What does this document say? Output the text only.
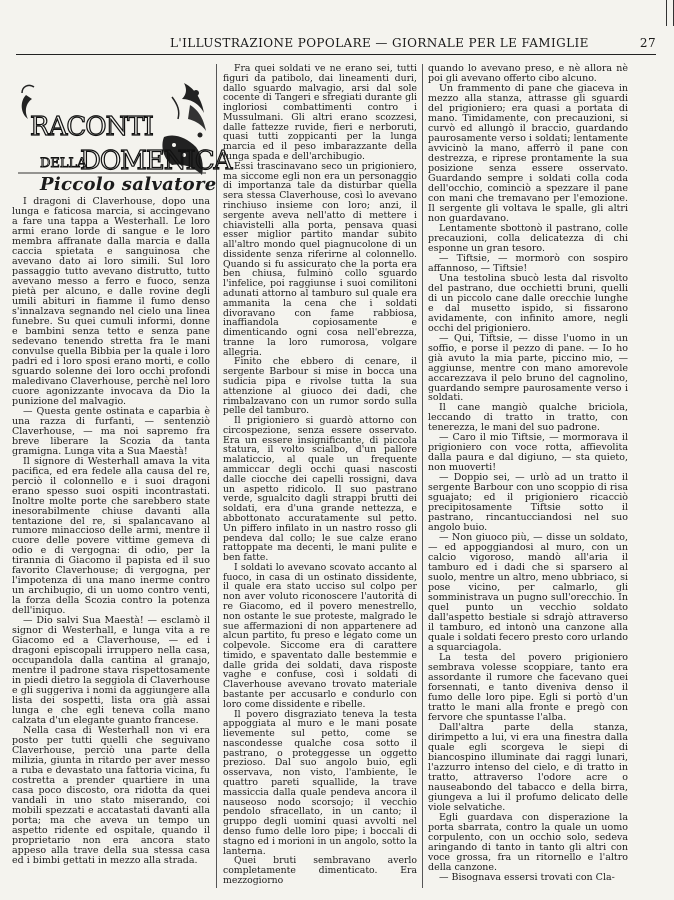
L'ILLUSTRAZIONE POPOLARE — GIORNALE PER LE FAMIGLIE	27
RACONTI
DELLA
DOMENICA
Piccolo salvatore

I dragoni di Claverhouse, dopo una lunga e faticosa marcia, si accingevano a fare una tappa a Westerhall. Le loro armi erano lorde di sangue e le loro membra affranate dalla marcia e dalla caccia spietata e sanguinosa che avevano dato ai loro simili. Sul loro passaggio tutto avevano distrutto, tutto avevano messo a ferro e fuoco, senza pietà per alcuno, e dalle rovine degli umili abituri in fiamme il fumo denso s'innalzava segnando nel cielo una linea funebre. Su quei cumuli informi, donne e bambini senza tetto e senza pane sedevano tenendo stretta fra le mani convulse quella Bibbia per la quale i loro padri ed i loro sposi erano morti, e collo sguardo solenne dei loro occhi profondi maledivano Claverhouse, perchè nel loro cuore agonizzante invocava da Dio la punizione del malvagio.

— Questa gente ostinata e caparbia è una razza di furfanti, — sentenziò Claverhouse, — ma noi sapremo fra breve liberare la Scozia da tanta gramigna. Lunga vita a Sua Maestà!

Il signore di Westerhall amava la vita pacifica, ed era fedele alla causa del re, perciò il colonnello e i suoi dragoni erano spesso suoi ospiti incontrastati. Inoltre molte porte che sarebbero state inesorabilmente chiuse davanti alla tentazione del re, si spalancavano al rumore minaccioso delle armi, mentre il cuore delle povere vittime gemeva di odio e di vergogna: di odio, per la tirannia di Giacomo il papista ed il suo favorito Claverhouse; di vergogna, per l'impotenza di una mano inerme contro un archibugio, di un uomo contro venti, la forza della Scozia contro la potenza dell'iniquo.

— Dio salvi Sua Maestà! — esclamò il signor di Westerhall, e lunga vita a re Giacomo ed a Claverhouse, — ed i dragoni episcopali irruppero nella casa, occupandola dalla cantina al granajo, mentre il padrone stava rispettosamente in piedi dietro la seggiola di Claverhouse e gli suggeriva i nomi da aggiungere alla lista dei sospetti, lista ora già assai lunga e che egli teneva colla mano calzata d'un elegante guanto francese.

Nella casa di Westerhall non vi era posto per tutti quelli che seguivano Claverhouse, perciò una parte della milizia, giunta in ritardo per aver messo a ruba e devastato una fattoria vicina, fu costretta a prender quartiere in una casa poco discosto, ora ridotta da quei vandali in uno stato miserando, coi mobili spezzati e accatastati davanti alla porta; ma che aveva un tempo un aspetto ridente ed ospitale, quando il proprietario non era ancora stato appeso alla trave della sua stessa casa ed i bimbi gettati in mezzo alla strada.

Fra quei soldati ve ne erano sei, tutti figuri da patibolo, dai lineamenti duri, dallo sguardo malvagio, arsi dal sole cocente di Tangeri e sfregiati durante gli ingloriosi combattimenti contro i Mussulmani. Gli altri erano scozzesi, dalle fattezze ruvide, fieri e nerboruti, quasi tutti zoppicanti per la lunga marcia ed il peso imbarazzante della lunga spada e dell'archibugio.

Essi trascinavano seco un prigioniero, ma siccome egli non era un personaggio di importanza tale da disturbar quella sera stessa Claverhouse, così lo avevano rinchiuso insieme con loro; anzi, il sergente aveva nell'atto di mettere i chiavistelli alla porta, pensava quasi esser miglior partito mandar subito all'altro mondo quel piagnucolone di un dissidente senza riferirne al colonnello. Quando si fu assicurato che la porta era ben chiusa, fulminò collo sguardo l'infelice, poi raggiunse i suoi comilitoni adunati attorno al tamburo sul quale era ammanita la cena che i soldati divoravano con fame rabbiosa, inaffiandola copiosamente e dimenticando ogni cosa nell'ebrezza, tranne la loro rumorosa, volgare allegria.

Finito che ebbero di cenare, il sergente Barbour si mise in bocca una sudicia pipa e rivolse tutta la sua attenzione al giuoco dei dadi, che rimbalzavano con un rumor sordo sulla pelle del tamburo.

Il prigioniero si guardò attorno con circospezione, senza essere osservato. Era un essere insignificante, di piccola statura, il volto scialbo, d'un pallore malaticcio, al quale un frequente ammiccar degli occhi quasi nascosti dalle ciocche dei capelli rossigni, dava un aspetto ridicolo. Il suo pastrano verde, sgualcito dagli strappi brutti dei soldati, era d'una grande nettezza, e abbottonato accuratamente sul petto. Un piffero infilato in un nastro rosso gli pendeva dal collo; le sue calze erano rattoppate ma decenti, le mani pulite e ben fatte.

I soldati lo avevano scovato accanto al fuoco, in casa di un ostinato dissidente, il quale era stato ucciso sul colpo per non aver voluto riconoscere l'autorità di re Giacomo, ed il povero menestrello, non ostante le sue proteste, malgrado le sue affermazioni di non appartenere ad alcun partito, fu preso e legato come un colpevole. Siccome era di carattere timido, e spaventato dalle bestemmie e dalle grida dei soldati, dava risposte vaghe e confuse, così i soldati di Claverhouse avevano trovato materiale bastante per accusarlo e condurlo con loro come dissidente e ribelle.

Il povero disgraziato teneva la testa appoggiata al muro e le mani posate lievemente sul petto, come se nascondesse qualche cosa sotto il pastrano, o proteggesse un oggetto prezioso. Dal suo angolo buio, egli osservava, non visto, l'ambiente, le quattro pareti squallide, la trave massiccia dalla quale pendeva ancora il nauseoso nodo scorsojo; il vecchio pendolo sfracellato, in un canto; il gruppo degli uomini quasi avvolti nel denso fumo delle loro pipe; i boccali di stagno ed i morioni in un angolo, sotto la lanterna.

Quei bruti sembravano averlo completamente dimenticato. Era mezzogiorno

quando lo avevano preso, e nè allora nè poi gli avevano offerto cibo alcuno.

Un frammento di pane che giaceva in mezzo alla stanza, attrasse gli sguardi del prigioniero; era quasi a portata di mano. Timidamente, con precauzioni, si curvò ed allungò il braccio, guardando paurosamente verso i soldati; lentamente avvicinò la mano, afferrò il pane con destrezza, e riprese prontamente la sua posizione senza essere osservato. Guardando sempre i soldati colla coda dell'occhio, cominciò a spezzare il pane con mani che tremavano per l'emozione. Il sergente gli voltava le spalle, gli altri non guardavano.

Lentamente sbottonò il pastrano, colle precauzioni, colla delicatezza di chi esponne un gran tesoro.

— Tiftsie, — mormorò con sospiro affannoso, — Tiftsie!

Una testolina sbucò lesta dal risvolto del pastrano, due occhietti bruni, quelli di un piccolo cane dalle orecchie lunghe e dal musetto ispido, si fissarono avidamente, con infinito amore, negli occhi del prigioniero.

— Qui, Tiftsie, — disse l'uomo in un soffio, e porse il pezzo di pane. — Io ho già avuto la mia parte, piccino mio, — aggiunse, mentre con mano amorevole accarezzava il pelo bruno del cagnolino, guardando sempre paurosamente verso i soldati.

Il cane mangiò qualche briciola, leccando di tratto in tratto, con tenerezza, le mani del suo padrone.

— Caro il mio Tiftsie, — mormorava il prigioniero con voce rotta, affievolita dalla paura e dal digiuno, — sta quieto, non muoverti!

— Doppio sei, — urlò ad un tratto il sergente Barbour con uno scoppio di risa sguajato; ed il prigioniero ricacciò precipitosamente Tiftsie sotto il pastrano, rincantucciandosi nel suo angolo buio.

— Non giuoco più, — disse un soldato, — ed appoggiandosi al muro, con un calcio vigoroso, mandò all'aria il tamburo ed i dadi che si sparsero al suolo, mentre un altro, meno ubbriaco, si pose vicino, per calmarlo, gli somministrava un pugno sull'orecchio. In quel punto un vecchio soldato dall'aspetto bestiale si sdrajò attraverso il tamburo, ed intonò una canzone alla quale i soldati fecero presto coro urlando a squarciagola.

La testa del povero prigioniero sembrava volesse scoppiare, tanto era assordante il rumore che facevano quei forsennati, e tanto diveniva denso il fumo delle loro pipe. Egli si portò d'un tratto le mani alla fronte e pregò con fervore che spuntasse l'alba.

Dall'altra parte della stanza, dirimpetto a lui, vi era una finestra dalla quale egli scorgeva le siepi di biancospino illuminate dai raggi lunari, l'azzurro intenso del cielo, e di tratto in tratto, attraverso l'odore acre o nauseabondo del tabacco e della birra, giungeva a lui il profumo delicato delle viole selvatiche.

Egli guardava con disperazione la porta sbarrata, contro la quale un uomo corpulento, con un occhio solo, sedeva aringando di tanto in tanto gli altri con voce grossa, fra un ritornello e l'altro della canzone.

— Bisognava essersi trovati con Cla-
